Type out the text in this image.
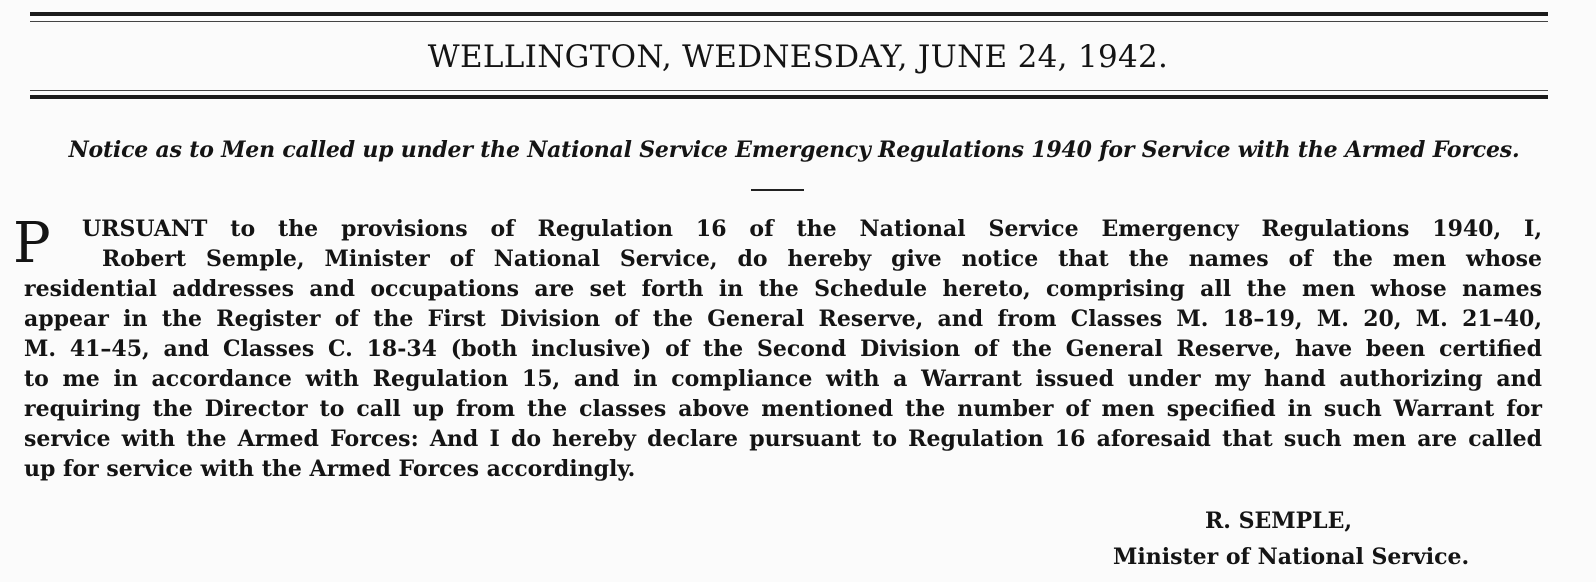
WELLINGTON, WEDNESDAY, JUNE 24, 1942.
Notice as to Men called up under the National Service Emergency Regulations 1940 for Service with the Armed Forces.
P	URSUANT to the provisions of Regulation 16 of the National Service Emergency Regulations 1940, I,
Robert Semple, Minister of National Service, do hereby give notice that the names of the men whose
residential addresses and occupations are set forth in the Schedule hereto, comprising all the men whose names
appear in the Register of the First Division of the General Reserve, and from Classes M. 18–19, M. 20, M. 21–40,
M. 41–45, and Classes C. 18-34 (both inclusive) of the Second Division of the General Reserve, have been certified
to me in accordance with Regulation 15, and in compliance with a Warrant issued under my hand authorizing and
requiring the Director to call up from the classes above mentioned the number of men specified in such Warrant for
service with the Armed Forces: And I do hereby declare pursuant to Regulation 16 aforesaid that such men are called
up for service with the Armed Forces accordingly.
R. SEMPLE,
Minister of National Service.
